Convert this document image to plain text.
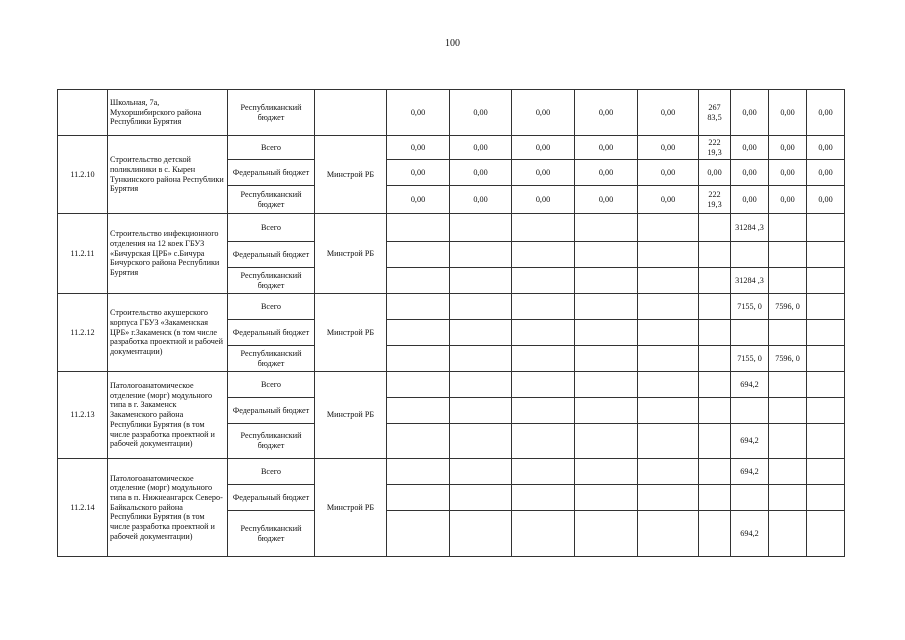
100
	Школьная, 7а, Мухоршибирского района Республики Бурятия	Республиканский бюджет		0,00	0,00	0,00	0,00	0,00	267 83,5	0,00	0,00	0,00
11.2.10	Строительство детской поликлиники в с. Кырен Тункинского района Республики Бурятия	Всего	Минстрой РБ	0,00	0,00	0,00	0,00	0,00	222 19,3	0,00	0,00	0,00
		Федеральный бюджет		0,00	0,00	0,00	0,00	0,00	0,00	0,00	0,00	0,00
		Республиканский бюджет		0,00	0,00	0,00	0,00	0,00	222 19,3	0,00	0,00	0,00
11.2.11	Строительство инфекционного отделения на 12 коек ГБУЗ «Бичурская ЦРБ» с.Бичура Бичурского района Республики Бурятия	Всего	Минстрой РБ							31284 ,3		
		Федеральный бюджет										
		Республиканский бюджет								31284 ,3		
11.2.12	Строительство акушерского корпуса ГБУЗ «Закаменская ЦРБ» г.Закаменск (в том числе разработка проектной и рабочей документации)	Всего	Минстрой РБ							7155, 0	7596, 0	
		Федеральный бюджет										
		Республиканский бюджет								7155, 0	7596, 0	
11.2.13	Патологоанатомическое отделение (морг) модульного типа в г. Закаменск Закаменского района Республики Бурятия (в том числе разработка проектной и рабочей документации)	Всего	Минстрой РБ							694,2		
		Федеральный бюджет										
		Республиканский бюджет								694,2		
11.2.14	Патологоанатомическое отделение (морг) модульного типа в п. Нижнеангарск Северо-Байкальского района Республики Бурятия (в том числе разработка проектной и рабочей документации)	Всего	Минстрой РБ							694,2		
		Федеральный бюджет										
		Республиканский бюджет								694,2		
